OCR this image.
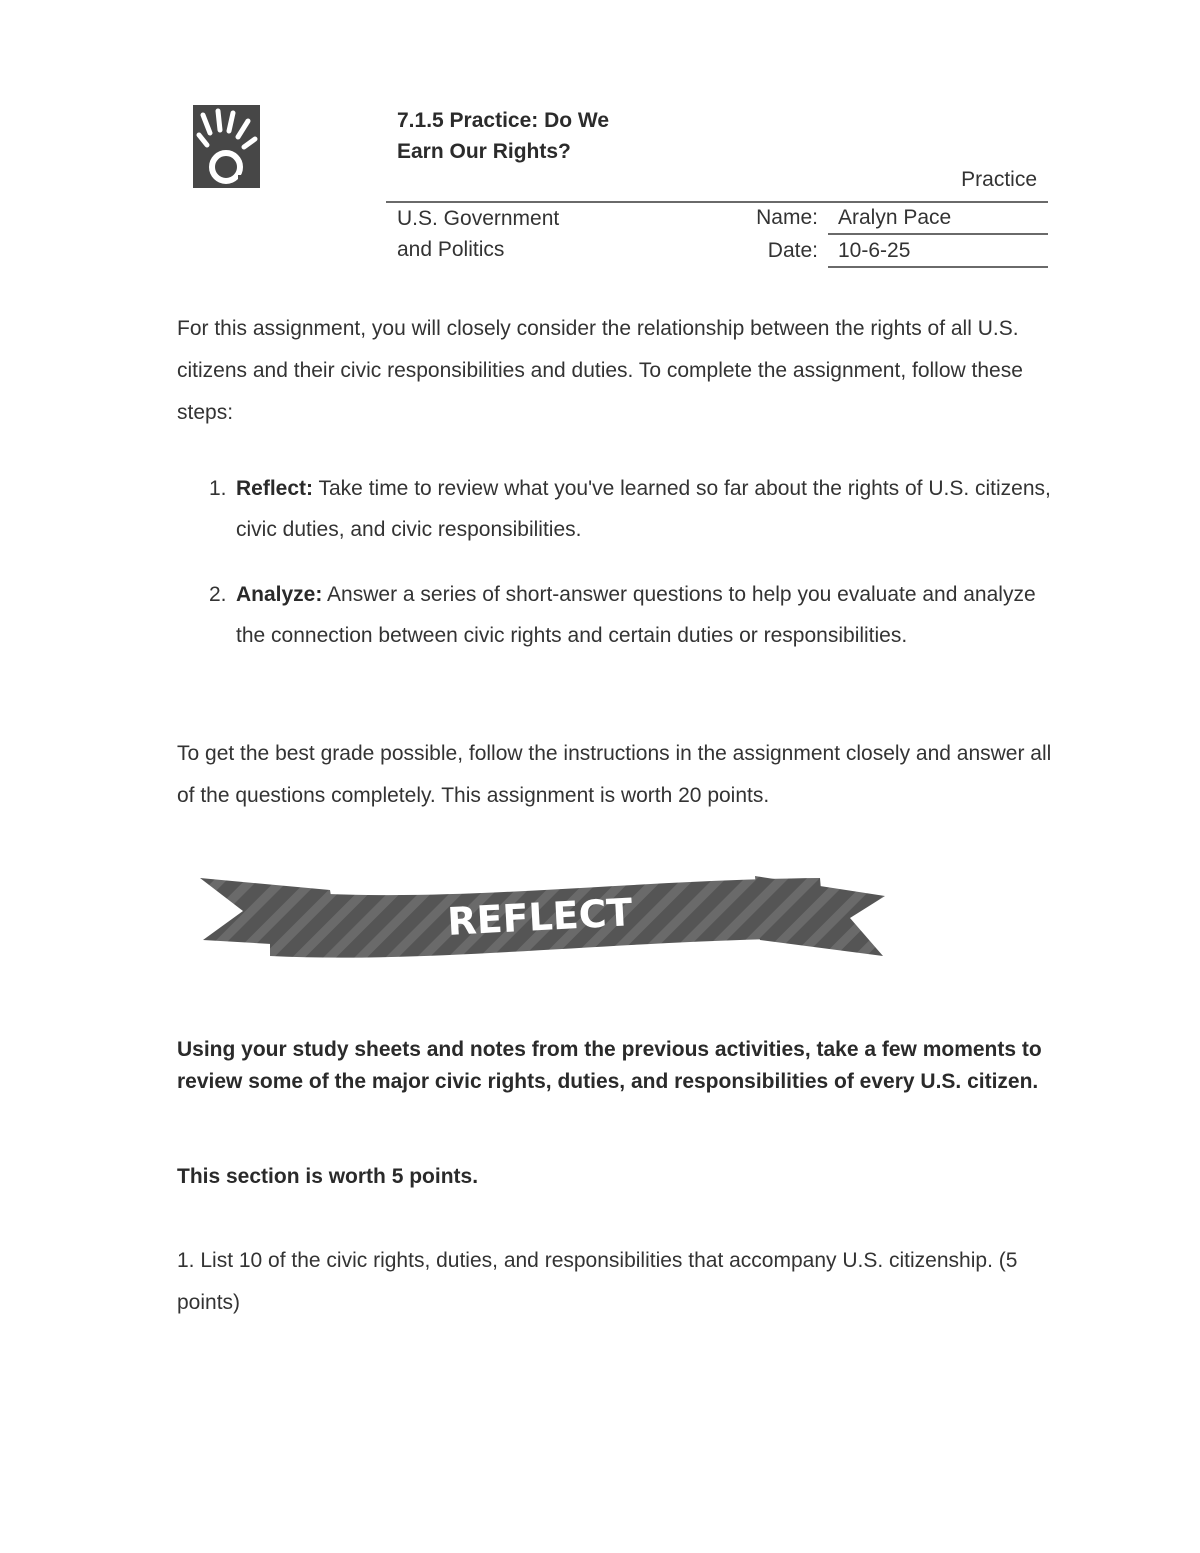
7.1.5 Practice: Do We Earn Our Rights?
Practice
U.S. Government
and Politics
Name: Aralyn Pace
Date: 10-6-25

For this assignment, you will closely consider the relationship between the rights of all U.S. citizens and their civic responsibilities and duties. To complete the assignment, follow these steps:

1. Reflect: Take time to review what you've learned so far about the rights of U.S. citizens, civic duties, and civic responsibilities.
2. Analyze: Answer a series of short-answer questions to help you evaluate and analyze the connection between civic rights and certain duties or responsibilities.

To get the best grade possible, follow the instructions in the assignment closely and answer all of the questions completely. This assignment is worth 20 points.

REFLECT

Using your study sheets and notes from the previous activities, take a few moments to review some of the major civic rights, duties, and responsibilities of every U.S. citizen.

This section is worth 5 points.

1. List 10 of the civic rights, duties, and responsibilities that accompany U.S. citizenship. (5 points)
